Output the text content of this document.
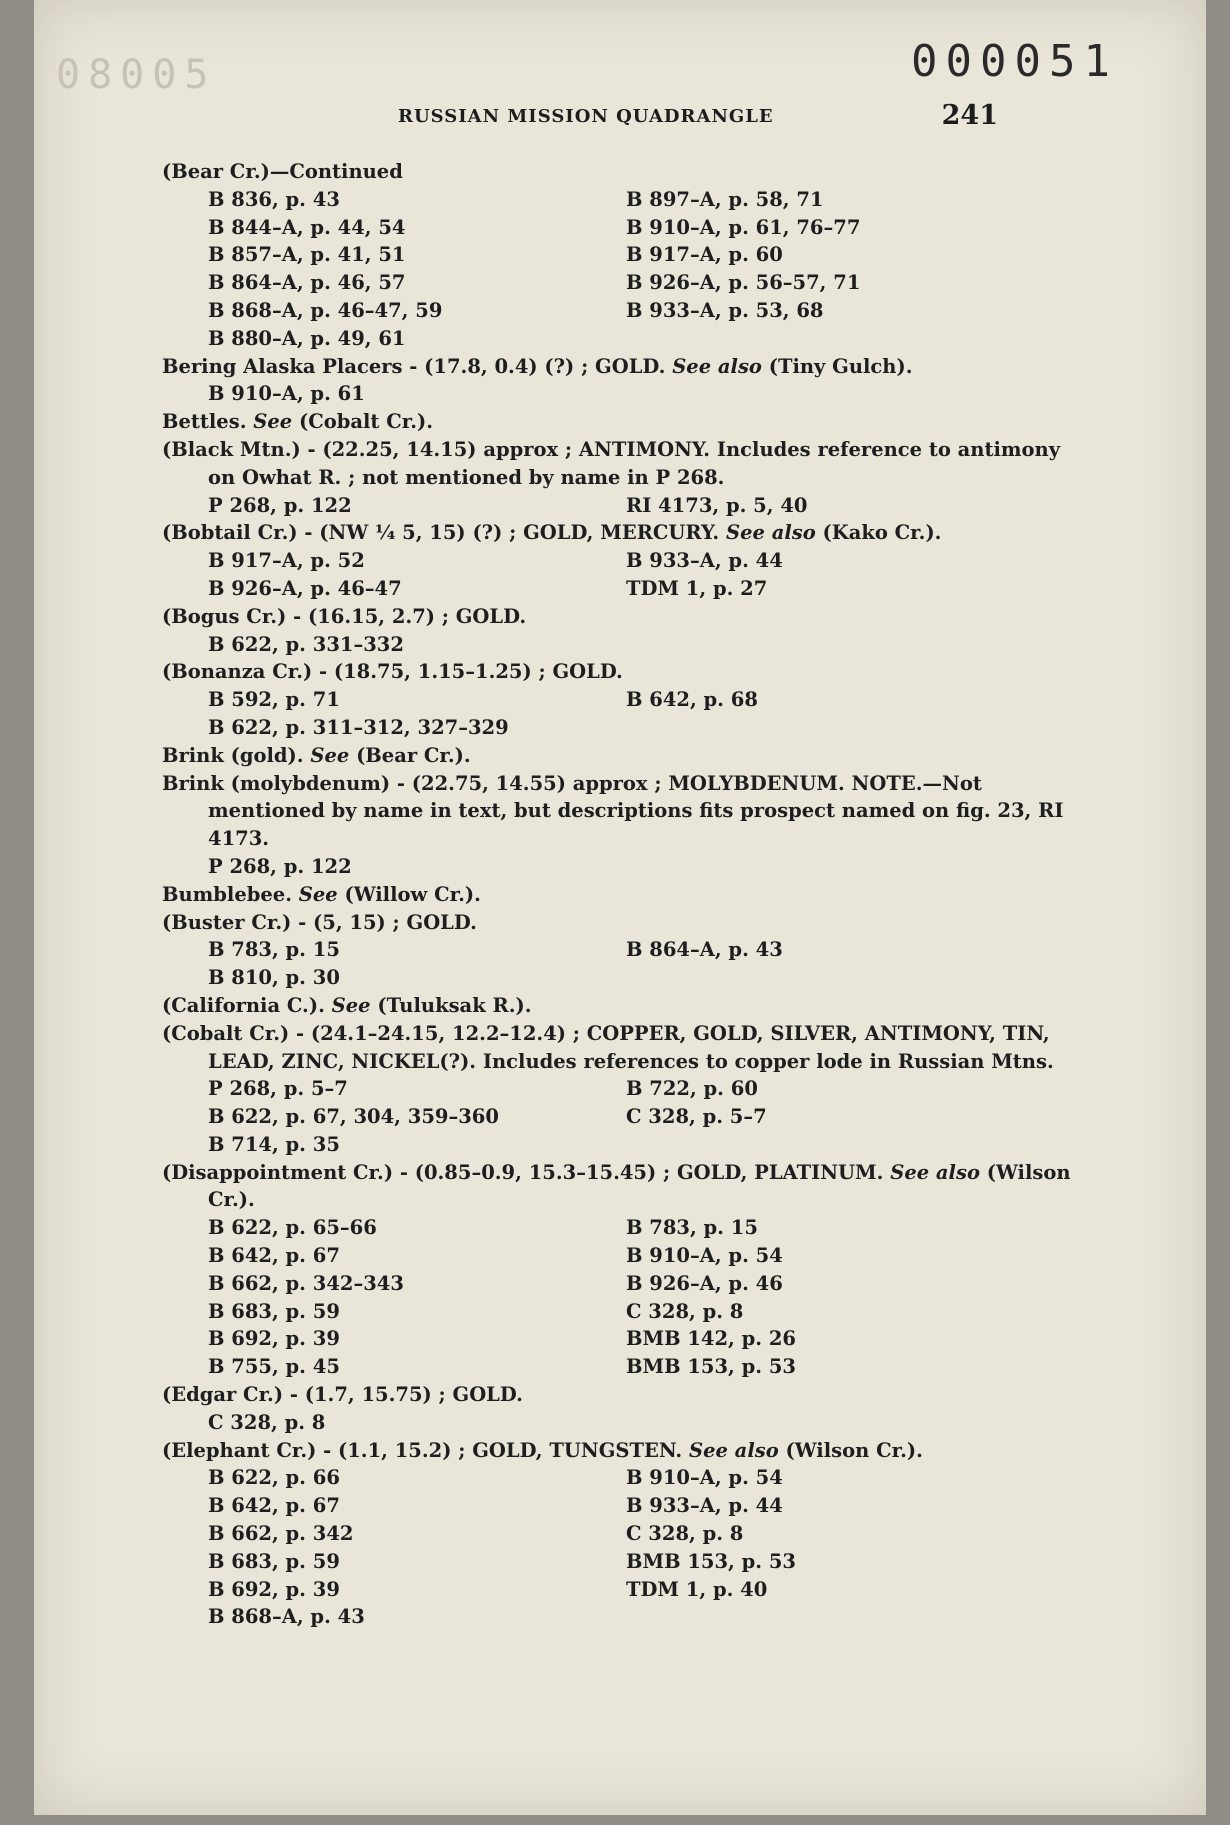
08005	000051
RUSSIAN MISSION QUADRANGLE	241

(Bear Cr.)—Continued

B 836, p. 43	B 897–A, p. 58, 71
B 844–A, p. 44, 54	B 910–A, p. 61, 76–77
B 857–A, p. 41, 51	B 917–A, p. 60
B 864–A, p. 46, 57	B 926–A, p. 56–57, 71
B 868–A, p. 46–47, 59	B 933–A, p. 53, 68
B 880–A, p. 49, 61

Bering Alaska Placers - (17.8, 0.4) (?) ; GOLD. See also (Tiny Gulch).

B 910–A, p. 61

Bettles. See (Cobalt Cr.).

(Black Mtn.) - (22.25, 14.15) approx ; ANTIMONY. Includes reference to antimony on Owhat R. ; not mentioned by name in P 268.

P 268, p. 122	RI 4173, p. 5, 40

(Bobtail Cr.) - (NW ¼ 5, 15) (?) ; GOLD, MERCURY. See also (Kako Cr.).

B 917–A, p. 52	B 933–A, p. 44
B 926–A, p. 46–47	TDM 1, p. 27

(Bogus Cr.) - (16.15, 2.7) ; GOLD.

B 622, p. 331–332

(Bonanza Cr.) - (18.75, 1.15–1.25) ; GOLD.

B 592, p. 71	B 642, p. 68
B 622, p. 311–312, 327–329

Brink (gold). See (Bear Cr.).

Brink (molybdenum) - (22.75, 14.55) approx ; MOLYBDENUM. NOTE.—Not mentioned by name in text, but descriptions fits prospect named on fig. 23, RI 4173.

P 268, p. 122

Bumblebee. See (Willow Cr.).

(Buster Cr.) - (5, 15) ; GOLD.

B 783, p. 15	B 864–A, p. 43
B 810, p. 30

(California C.). See (Tuluksak R.).

(Cobalt Cr.) - (24.1–24.15, 12.2–12.4) ; COPPER, GOLD, SILVER, ANTIMONY, TIN, LEAD, ZINC, NICKEL(?). Includes references to copper lode in Russian Mtns.

P 268, p. 5–7	B 722, p. 60
B 622, p. 67, 304, 359–360	C 328, p. 5–7
B 714, p. 35

(Disappointment Cr.) - (0.85–0.9, 15.3–15.45) ; GOLD, PLATINUM. See also (Wilson Cr.).

B 622, p. 65–66	B 783, p. 15
B 642, p. 67	B 910–A, p. 54
B 662, p. 342–343	B 926–A, p. 46
B 683, p. 59	C 328, p. 8
B 692, p. 39	BMB 142, p. 26
B 755, p. 45	BMB 153, p. 53

(Edgar Cr.) - (1.7, 15.75) ; GOLD.

C 328, p. 8

(Elephant Cr.) - (1.1, 15.2) ; GOLD, TUNGSTEN. See also (Wilson Cr.).

B 622, p. 66	B 910–A, p. 54
B 642, p. 67	B 933–A, p. 44
B 662, p. 342	C 328, p. 8
B 683, p. 59	BMB 153, p. 53
B 692, p. 39	TDM 1, p. 40
B 868–A, p. 43
